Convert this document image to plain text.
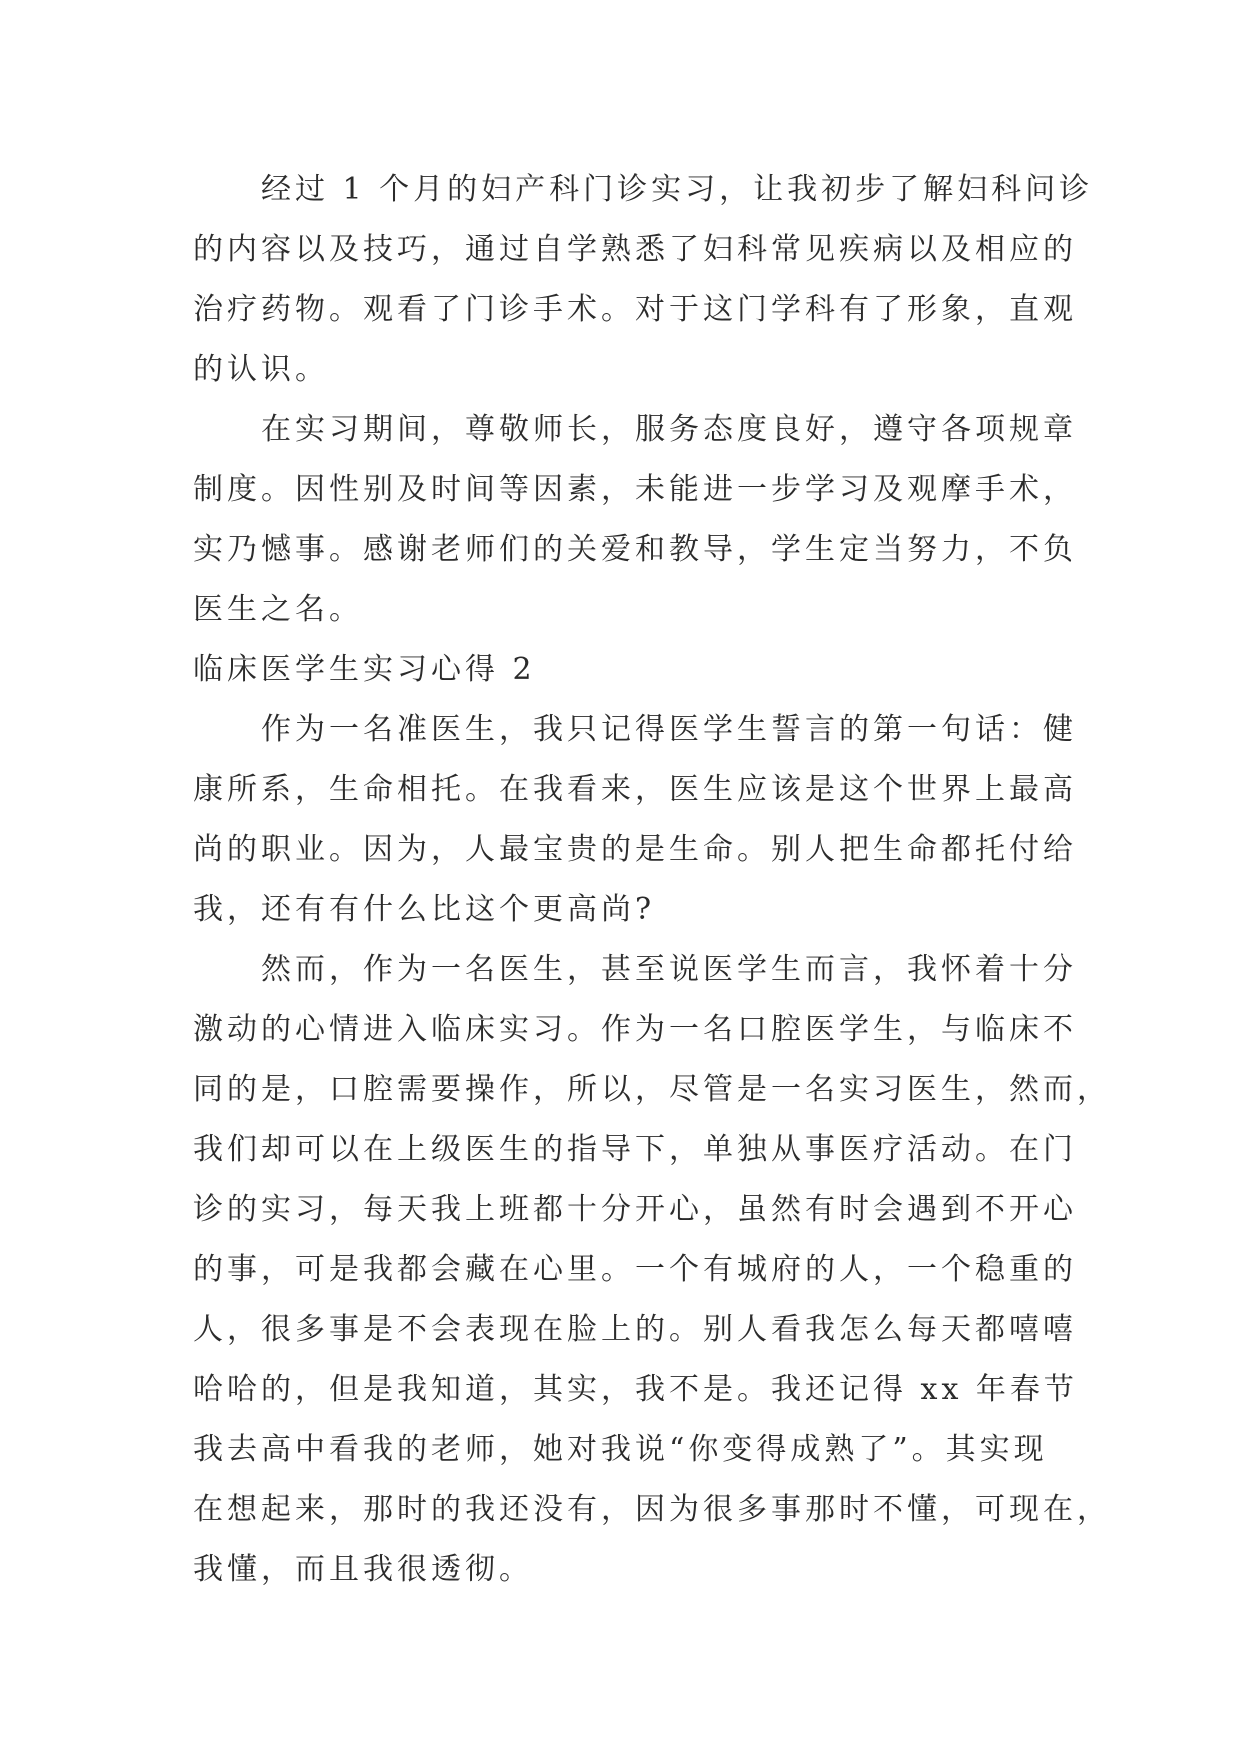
经过 1 个月的妇产科门诊实习，让我初步了解妇科问诊
的内容以及技巧，通过自学熟悉了妇科常见疾病以及相应的
治疗药物。观看了门诊手术。对于这门学科有了形象，直观
的认识。
在实习期间，尊敬师长，服务态度良好，遵守各项规章
制度。因性别及时间等因素，未能进一步学习及观摩手术，
实乃憾事。感谢老师们的关爱和教导，学生定当努力，不负
医生之名。
临床医学生实习心得 2
作为一名准医生，我只记得医学生誓言的第一句话：健
康所系，生命相托。在我看来，医生应该是这个世界上最高
尚的职业。因为，人最宝贵的是生命。别人把生命都托付给
我，还有有什么比这个更高尚?
然而，作为一名医生，甚至说医学生而言，我怀着十分
激动的心情进入临床实习。作为一名口腔医学生，与临床不
同的是，口腔需要操作，所以，尽管是一名实习医生，然而，
我们却可以在上级医生的指导下，单独从事医疗活动。在门
诊的实习，每天我上班都十分开心，虽然有时会遇到不开心
的事，可是我都会藏在心里。一个有城府的人，一个稳重的
人，很多事是不会表现在脸上的。别人看我怎么每天都嘻嘻
哈哈的，但是我知道，其实，我不是。我还记得 xx 年春节
我去高中看我的老师，她对我说“你变得成熟了”。其实现
在想起来，那时的我还没有，因为很多事那时不懂，可现在，
我懂，而且我很透彻。
